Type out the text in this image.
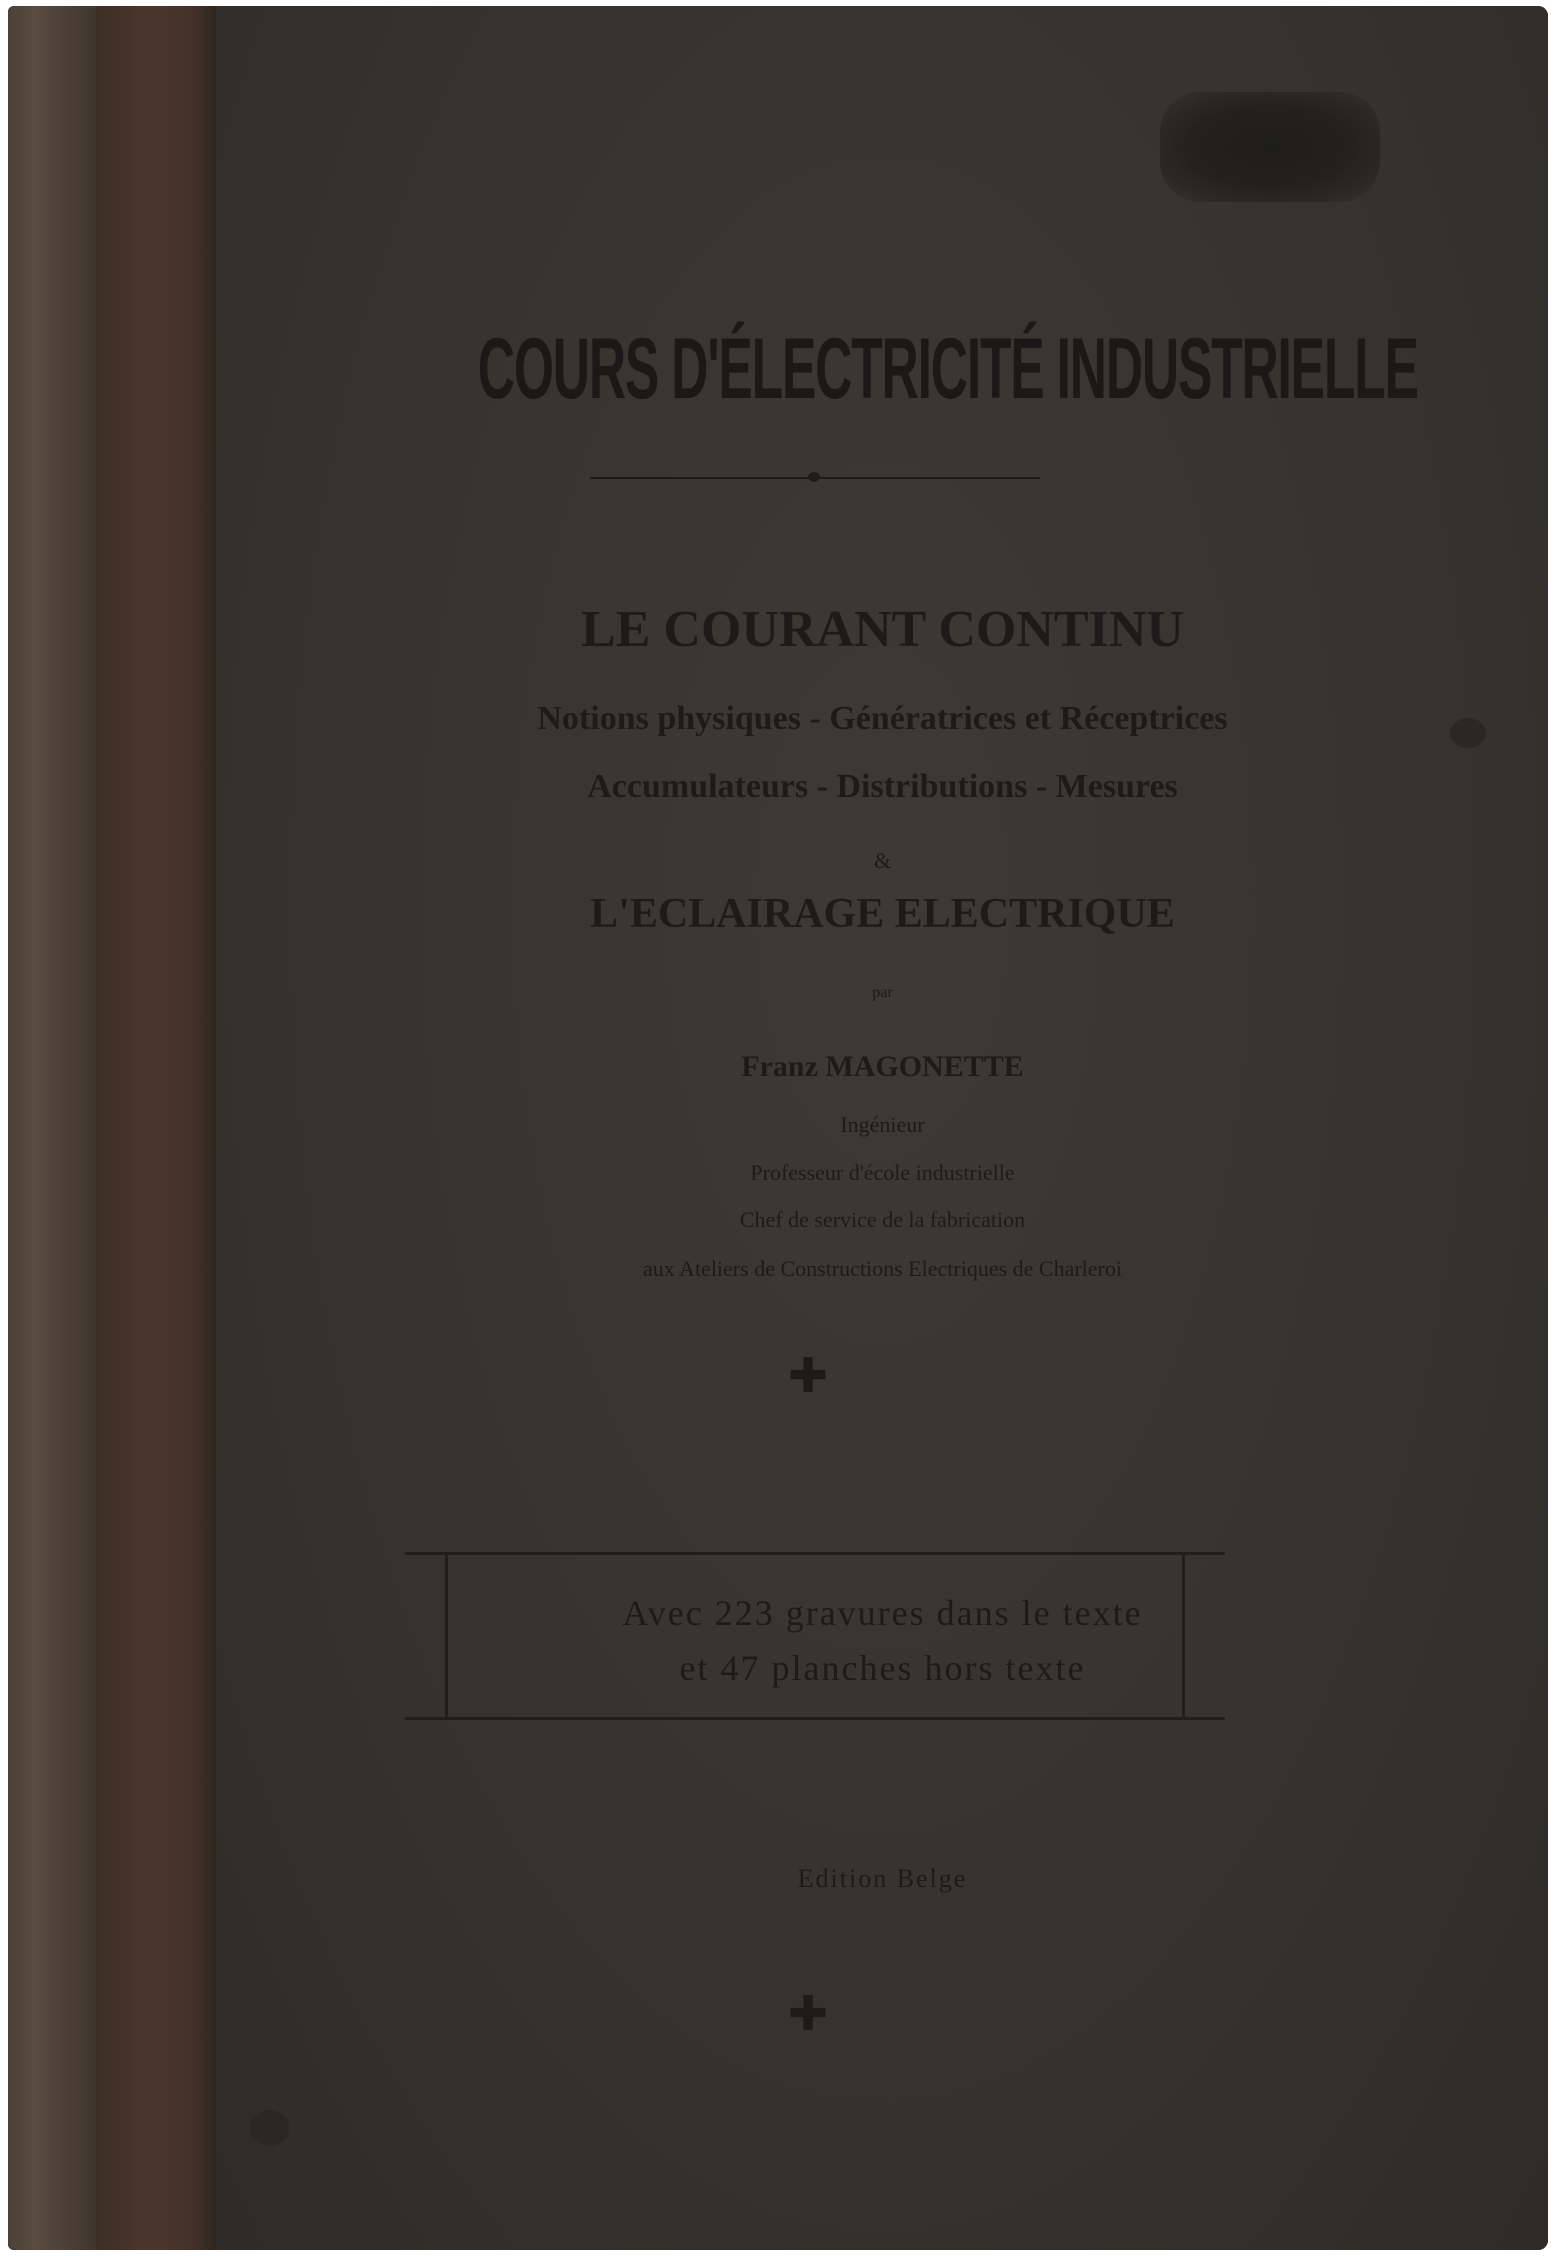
COURS D'ÉLECTRICITÉ INDUSTRIELLE
LE COURANT CONTINU
Notions physiques - Génératrices et Réceptrices
Accumulateurs - Distributions - Mesures
&
L'ECLAIRAGE ELECTRIQUE
par
Franz MAGONETTE
Ingénieur
Professeur d'école industrielle
Chef de service de la fabrication
aux Ateliers de Constructions Electriques de Charleroi
✚
Avec 223 gravures dans le texte
et 47 planches hors texte
Edition Belge
✚
